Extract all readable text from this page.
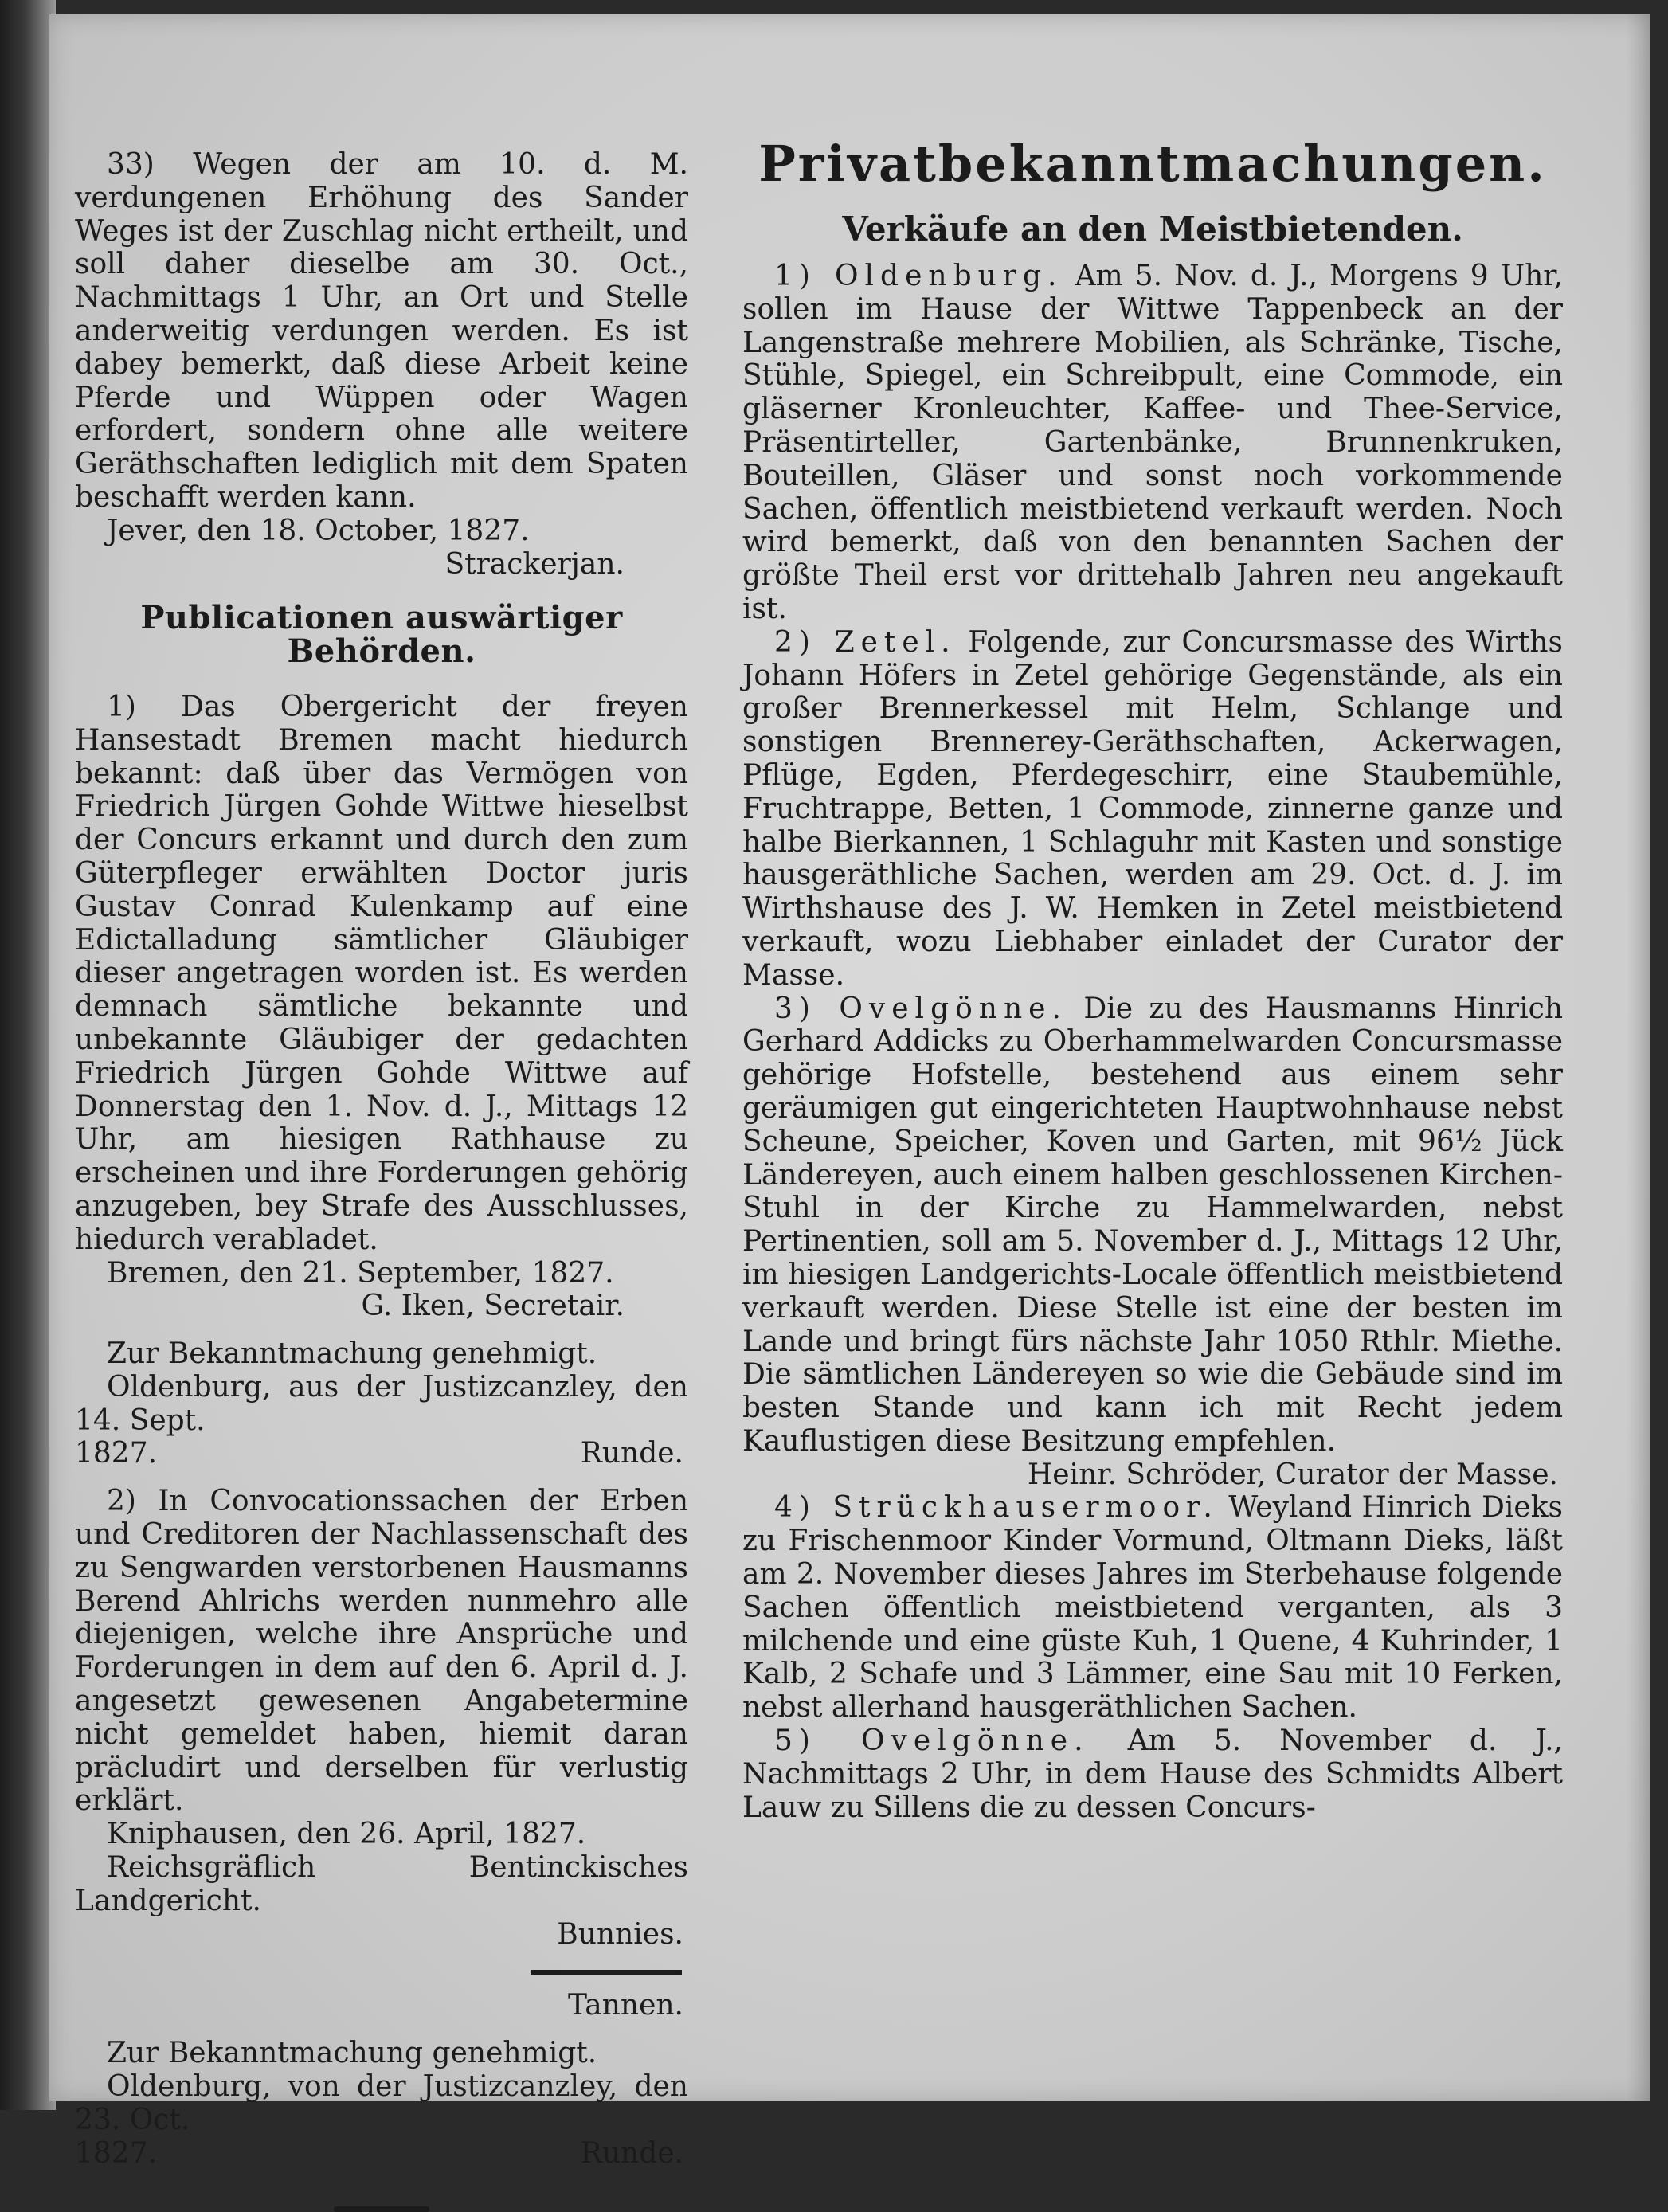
33) Wegen der am 10. d. M. verdungenen Erhöhung des Sander Weges ist der Zuschlag nicht ertheilt, und soll daher dieselbe am 30. Oct., Nachmittags 1 Uhr, an Ort und Stelle anderweitig verdungen werden. Es ist dabey bemerkt, daß diese Arbeit keine Pferde und Wüppen oder Wagen erfordert, sondern ohne alle weitere Geräthschaften lediglich mit dem Spaten beschafft werden kann.

Jever, den 18. October, 1827.

Strackerjan.

Publicationen auswärtiger Behörden.

1) Das Obergericht der freyen Hansestadt Bremen macht hiedurch bekannt: daß über das Vermögen von Friedrich Jürgen Gohde Wittwe hieselbst der Concurs erkannt und durch den zum Güterpfleger erwählten Doctor juris Gustav Conrad Kulenkamp auf eine Edictalladung sämtlicher Gläubiger dieser angetragen worden ist. Es werden demnach sämtliche bekannte und unbekannte Gläubiger der gedachten Friedrich Jürgen Gohde Wittwe auf Donnerstag den 1. Nov. d. J., Mittags 12 Uhr, am hiesigen Rathhause zu erscheinen und ihre Forderungen gehörig anzugeben, bey Strafe des Ausschlusses, hiedurch verabladet.

Bremen, den 21. September, 1827.

G. Iken, Secretair.

Zur Bekanntmachung genehmigt.

Oldenburg, aus der Justizcanzley, den 14. Sept.

1827.	Runde.

2) In Convocationssachen der Erben und Creditoren der Nachlassenschaft des zu Sengwarden verstorbenen Hausmanns Berend Ahlrichs werden nunmehro alle diejenigen, welche ihre Ansprüche und Forderungen in dem auf den 6. April d. J. angesetzt gewesenen Angabetermine nicht gemeldet haben, hiemit daran präcludirt und derselben für verlustig erklärt.

Kniphausen, den 26. April, 1827.

Reichsgräflich Bentinckisches Landgericht.

Bunnies.

Tannen.

Zur Bekanntmachung genehmigt.

Oldenburg, von der Justizcanzley, den 23. Oct.

1827.	Runde.
Privatbekanntmachungen.
Verkäufe an den Meistbietenden.

1) Oldenburg. Am 5. Nov. d. J., Morgens 9 Uhr, sollen im Hause der Wittwe Tappenbeck an der Langenstraße mehrere Mobilien, als Schränke, Tische, Stühle, Spiegel, ein Schreibpult, eine Commode, ein gläserner Kronleuchter, Kaffee- und Thee-Service, Präsentirteller, Gartenbänke, Brunnenkruken, Bouteillen, Gläser und sonst noch vorkommende Sachen, öffentlich meistbietend verkauft werden. Noch wird bemerkt, daß von den benannten Sachen der größte Theil erst vor drittehalb Jahren neu angekauft ist.

2) Zetel. Folgende, zur Concursmasse des Wirths Johann Höfers in Zetel gehörige Gegenstände, als ein großer Brennerkessel mit Helm, Schlange und sonstigen Brennerey-Geräthschaften, Ackerwagen, Pflüge, Egden, Pferdegeschirr, eine Staubemühle, Fruchtrappe, Betten, 1 Commode, zinnerne ganze und halbe Bierkannen, 1 Schlaguhr mit Kasten und sonstige hausgeräthliche Sachen, werden am 29. Oct. d. J. im Wirthshause des J. W. Hemken in Zetel meistbietend verkauft, wozu Liebhaber einladet der Curator der Masse.

3) Ovelgönne. Die zu des Hausmanns Hinrich Gerhard Addicks zu Oberhammelwarden Concursmasse gehörige Hofstelle, bestehend aus einem sehr geräumigen gut eingerichteten Hauptwohnhause nebst Scheune, Speicher, Koven und Garten, mit 96½ Jück Ländereyen, auch einem halben geschlossenen Kirchen-Stuhl in der Kirche zu Hammelwarden, nebst Pertinentien, soll am 5. November d. J., Mittags 12 Uhr, im hiesigen Landgerichts-Locale öffentlich meistbietend verkauft werden. Diese Stelle ist eine der besten im Lande und bringt fürs nächste Jahr 1050 Rthlr. Miethe. Die sämtlichen Ländereyen so wie die Gebäude sind im besten Stande und kann ich mit Recht jedem Kauflustigen diese Besitzung empfehlen.

Heinr. Schröder, Curator der Masse.

4) Strückhausermoor. Weyland Hinrich Dieks zu Frischenmoor Kinder Vormund, Oltmann Dieks, läßt am 2. November dieses Jahres im Sterbehause folgende Sachen öffentlich meistbietend verganten, als 3 milchende und eine güste Kuh, 1 Quene, 4 Kuhrinder, 1 Kalb, 2 Schafe und 3 Lämmer, eine Sau mit 10 Ferken, nebst allerhand hausgeräthlichen Sachen.

5) Ovelgönne. Am 5. November d. J., Nachmittags 2 Uhr, in dem Hause des Schmidts Albert Lauw zu Sillens die zu dessen Concurs-
